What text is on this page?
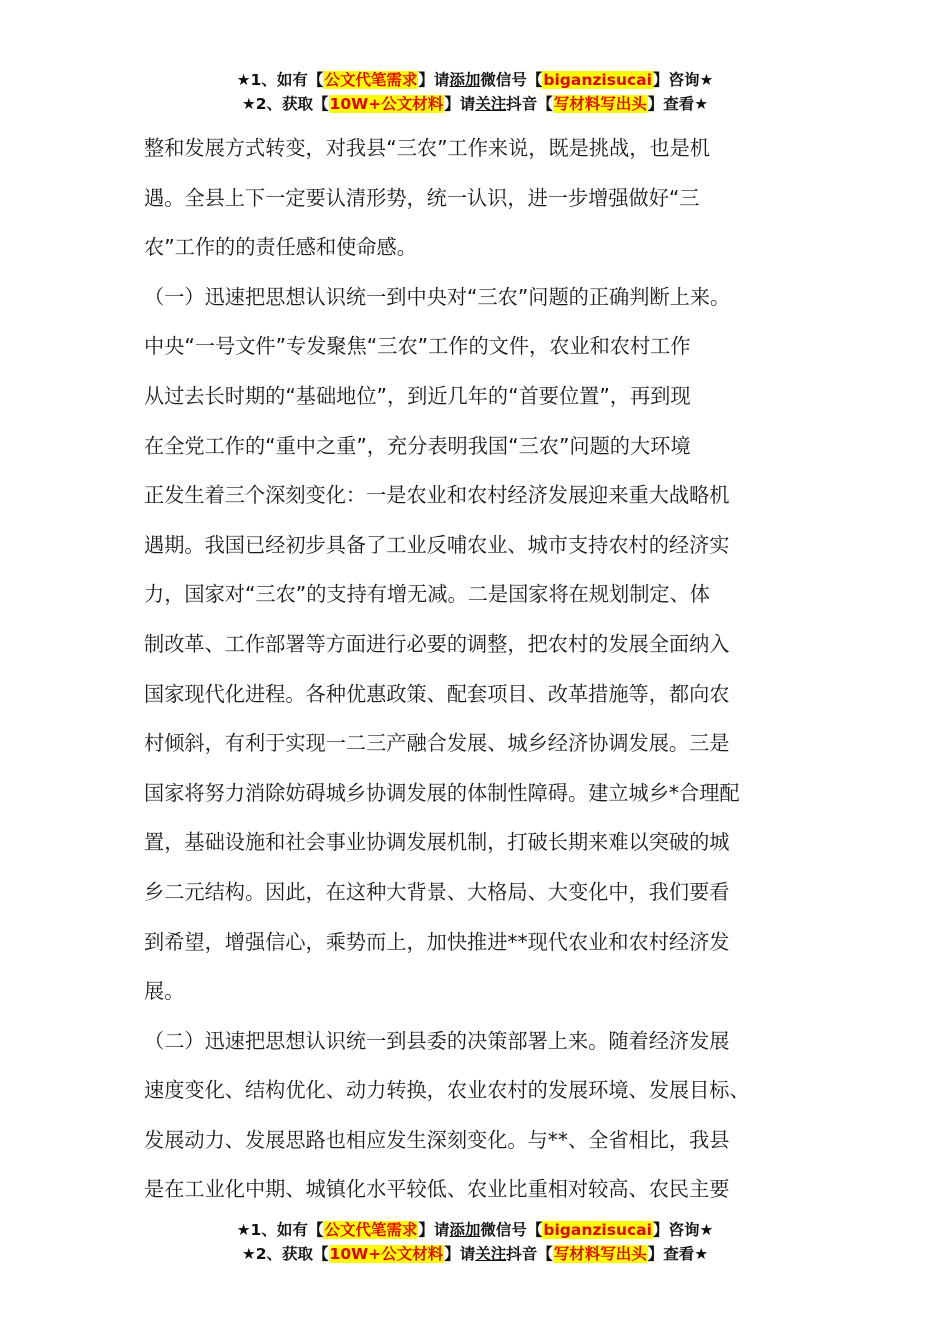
★1、如有【公文代笔需求】请添加微信号【biganzisucai】咨询★
★2、获取【10W+公文材料】请关注抖音【写材料写出头】查看★
整和发展方式转变，对我县“三农”工作来说，既是挑战，也是机
遇。全县上下一定要认清形势，统一认识，进一步增强做好“三
农”工作的的责任感和使命感。
（一）迅速把思想认识统一到中央对“三农”问题的正确判断上来。
中央“一号文件”专发聚焦“三农”工作的文件，农业和农村工作
从过去长时期的“基础地位”，到近几年的“首要位置”，再到现
在全党工作的“重中之重”，充分表明我国“三农”问题的大环境
正发生着三个深刻变化：一是农业和农村经济发展迎来重大战略机
遇期。我国已经初步具备了工业反哺农业、城市支持农村的经济实
力，国家对“三农”的支持有增无减。二是国家将在规划制定、体
制改革、工作部署等方面进行必要的调整，把农村的发展全面纳入
国家现代化进程。各种优惠政策、配套项目、改革措施等，都向农
村倾斜，有利于实现一二三产融合发展、城乡经济协调发展。三是
国家将努力消除妨碍城乡协调发展的体制性障碍。建立城乡*合理配
置，基础设施和社会事业协调发展机制，打破长期来难以突破的城
乡二元结构。因此，在这种大背景、大格局、大变化中，我们要看
到希望，增强信心，乘势而上，加快推进**现代农业和农村经济发
展。
（二）迅速把思想认识统一到县委的决策部署上来。随着经济发展
速度变化、结构优化、动力转换，农业农村的发展环境、发展目标、
发展动力、发展思路也相应发生深刻变化。与**、全省相比，我县
是在工业化中期、城镇化水平较低、农业比重相对较高、农民主要
★1、如有【公文代笔需求】请添加微信号【biganzisucai】咨询★
★2、获取【10W+公文材料】请关注抖音【写材料写出头】查看★
